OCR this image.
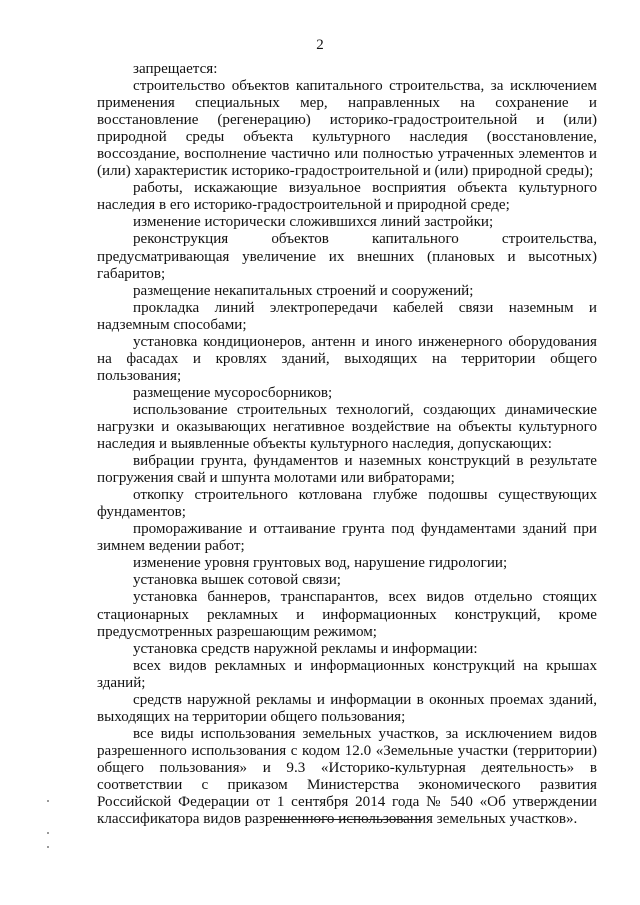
2

запрещается:

строительство объектов капитального строительства, за исключением применения специальных мер, направленных на сохранение и восстановление (регенерацию) историко-градостроительной и (или) природной среды объекта культурного наследия (восстановление, воссоздание, восполнение частично или полностью утраченных элементов и (или) характеристик историко-градостроительной и (или) природной среды);

работы, искажающие визуальное восприятия объекта культурного наследия в его историко-градостроительной и природной среде;

изменение исторически сложившихся линий застройки;

реконструкция объектов капитального строительства, предусматривающая увеличение их внешних (плановых и высотных) габаритов;

размещение некапитальных строений и сооружений;

прокладка линий электропередачи кабелей связи наземным и надземным способами;

установка кондиционеров, антенн и иного инженерного оборудования на фасадах и кровлях зданий, выходящих на территории общего пользования;

размещение мусоросборников;

использование строительных технологий, создающих динамические нагрузки и оказывающих негативное воздействие на объекты культурного наследия и выявленные объекты культурного наследия, допускающих:

вибрации грунта, фундаментов и наземных конструкций в результате погружения свай и шпунта молотами или вибраторами;

откопку строительного котлована глубже подошвы существующих фундаментов;

промораживание и оттаивание грунта под фундаментами зданий при зимнем ведении работ;

изменение уровня грунтовых вод, нарушение гидрологии;

установка вышек сотовой связи;

установка баннеров, транспарантов, всех видов отдельно стоящих стационарных рекламных и информационных конструкций, кроме предусмотренных разрешающим режимом;

установка средств наружной рекламы и информации:

всех видов рекламных и информационных конструкций на крышах зданий;

средств наружной рекламы и информации в оконных проемах зданий, выходящих на территории общего пользования;

все виды использования земельных участков, за исключением видов разрешенного использования с кодом 12.0 «Земельные участки (территории) общего пользования» и 9.3 «Историко-культурная деятельность» в соответствии с приказом Министерства экономического развития Российской Федерации от 1 сентября 2014 года № 540 «Об утверждении классификатора видов разрешенного использования земельных участков».
